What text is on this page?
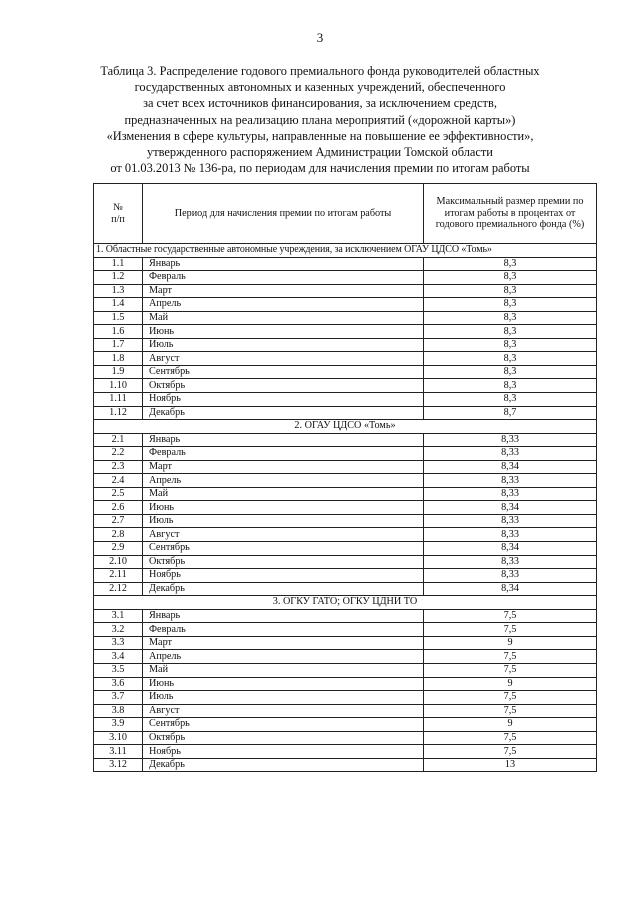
3
Таблица 3. Распределение годового премиального фонда руководителей областных
государственных автономных и казенных учреждений, обеспеченного
за счет всех источников финансирования, за исключением средств,
предназначенных на реализацию плана мероприятий («дорожной карты»)
«Изменения в сфере культуры, направленные на повышение ее эффективности»,
утвержденного распоряжением Администрации Томской области
от 01.03.2013 № 136-ра, по периодам для начисления премии по итогам работы
№
п/п	Период для начисления премии по итогам работы	Максимальный размер премии по итогам работы в процентах от годового премиального фонда (%)
1. Областные государственные автономные учреждения, за исключением ОГАУ ЦДСО «Томь»		
1.1	Январь	8,3
1.2	Февраль	8,3
1.3	Март	8,3
1.4	Апрель	8,3
1.5	Май	8,3
1.6	Июнь	8,3
1.7	Июль	8,3
1.8	Август	8,3
1.9	Сентябрь	8,3
1.10	Октябрь	8,3
1.11	Ноябрь	8,3
1.12	Декабрь	8,7
2. ОГАУ ЦДСО «Томь»		
2.1	Январь	8,33
2.2	Февраль	8,33
2.3	Март	8,34
2.4	Апрель	8,33
2.5	Май	8,33
2.6	Июнь	8,34
2.7	Июль	8,33
2.8	Август	8,33
2.9	Сентябрь	8,34
2.10	Октябрь	8,33
2.11	Ноябрь	8,33
2.12	Декабрь	8,34
3. ОГКУ ГАТО; ОГКУ ЦДНИ ТО		
3.1	Январь	7,5
3.2	Февраль	7,5
3.3	Март	9
3.4	Апрель	7,5
3.5	Май	7,5
3.6	Июнь	9
3.7	Июль	7,5
3.8	Август	7,5
3.9	Сентябрь	9
3.10	Октябрь	7,5
3.11	Ноябрь	7,5
3.12	Декабрь	13
